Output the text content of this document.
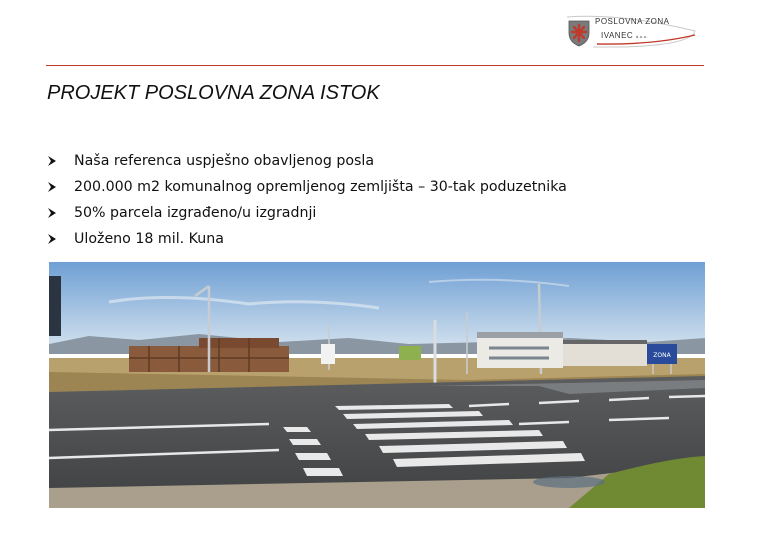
POSLOVNA ZONA
IVANEC d.o.o.
PROJEKT POSLOVNA ZONA ISTOK
Naša referenca uspješno obavljenog posla
200.000 m2 komunalnog opremljenog zemljišta – 30-tak poduzetnika
50% parcela izgrađeno/u izgradnji
Uloženo 18 mil. Kuna
ZONA
